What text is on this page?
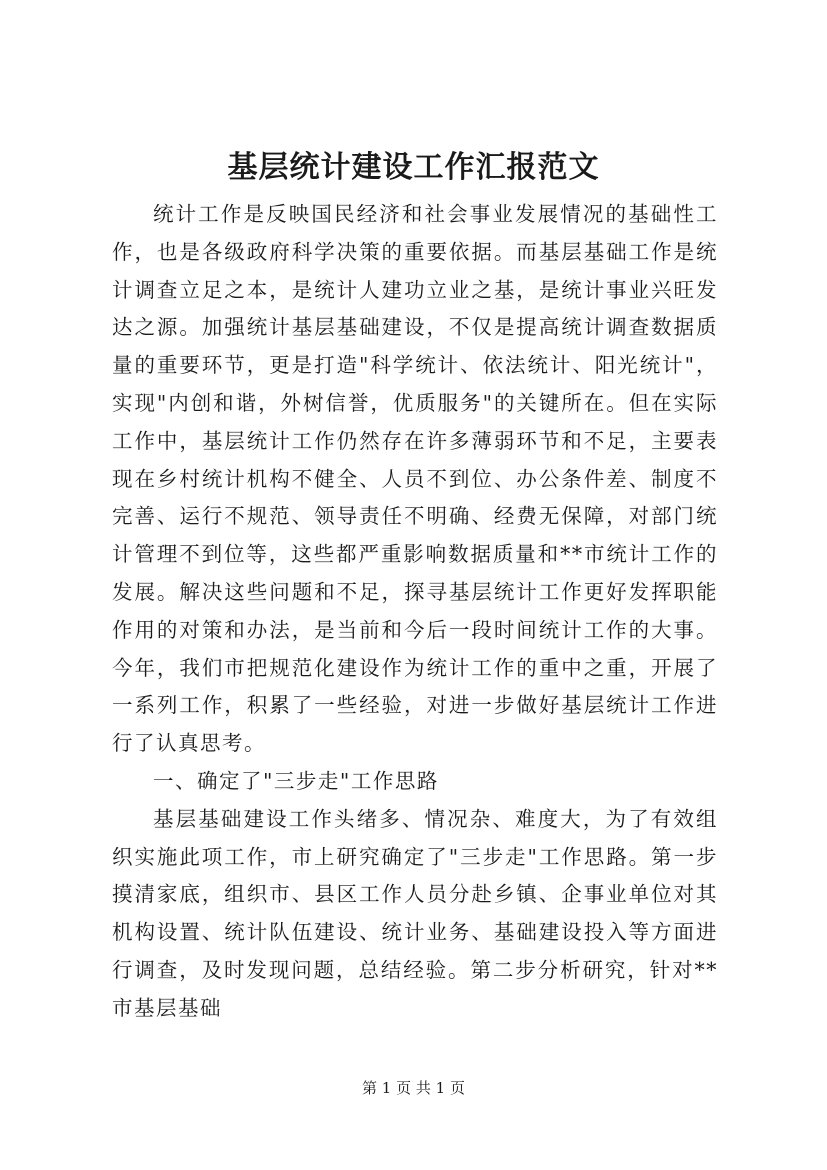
基层统计建设工作汇报范文

统计工作是反映国民经济和社会事业发展情况的基础性工作，也是各级政府科学决策的重要依据。而基层基础工作是统计调查立足之本，是统计人建功立业之基，是统计事业兴旺发达之源。加强统计基层基础建设，不仅是提高统计调查数据质量的重要环节，更是打造"科学统计、依法统计、阳光统计"，实现"内创和谐，外树信誉，优质服务"的关键所在。但在实际工作中，基层统计工作仍然存在许多薄弱环节和不足，主要表现在乡村统计机构不健全、人员不到位、办公条件差、制度不完善、运行不规范、领导责任不明确、经费无保障，对部门统计管理不到位等，这些都严重影响数据质量和**市统计工作的发展。解决这些问题和不足，探寻基层统计工作更好发挥职能作用的对策和办法，是当前和今后一段时间统计工作的大事。今年，我们市把规范化建设作为统计工作的重中之重，开展了一系列工作，积累了一些经验，对进一步做好基层统计工作进行了认真思考。

一、确定了"三步走"工作思路

基层基础建设工作头绪多、情况杂、难度大，为了有效组织实施此项工作，市上研究确定了"三步走"工作思路。第一步摸清家底，组织市、县区工作人员分赴乡镇、企事业单位对其机构设置、统计队伍建设、统计业务、基础建设投入等方面进行调查，及时发现问题，总结经验。第二步分析研究，针对**市基层基础

第 1 页 共 1 页
